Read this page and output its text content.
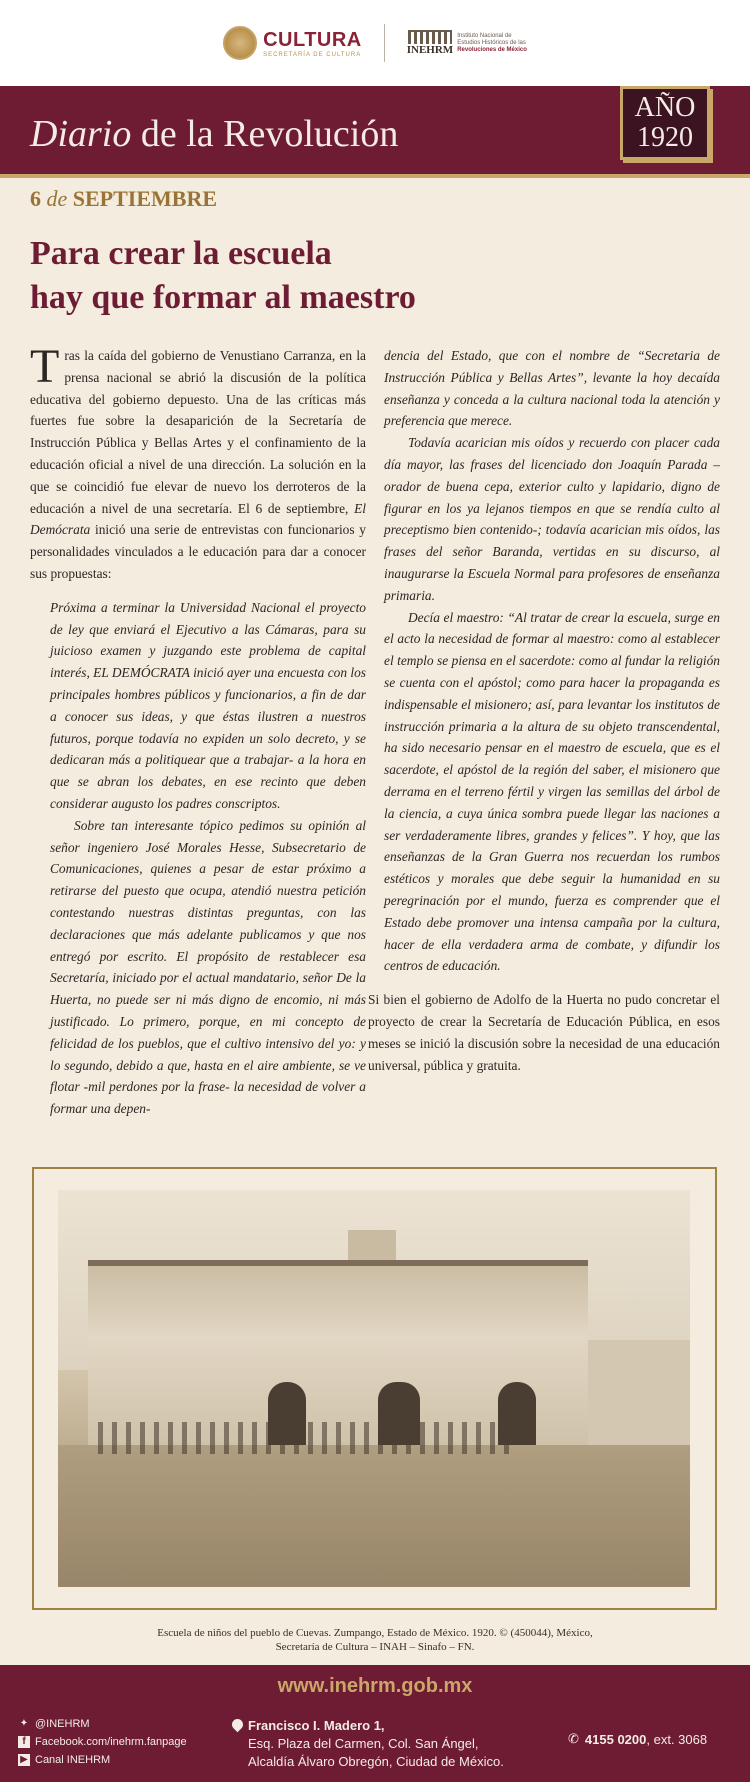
CULTURA
SECRETARÍA DE CULTURA	INEHRM
Instituto Nacional de
Estudios Históricos de las
Revoluciones de México
Diario de la Revolución
AÑO
1920
6 de SEPTIEMBRE
Para crear la escuela
hay que formar al maestro

Tras la caída del gobierno de Venustiano Carranza, en la prensa nacional se abrió la discusión de la política educativa del gobierno depuesto. Una de las críticas más fuertes fue sobre la desaparición de la Secretaría de Instrucción Pública y Bellas Artes y el confinamiento de la educación oficial a nivel de una dirección. La solución en la que se coincidió fue elevar de nuevo los derroteros de la educación a nivel de una secretaría. El 6 de septiembre, El Demócrata inició una serie de entrevistas con funcionarios y personalidades vinculados a le educación para dar a conocer sus propuestas:

Próxima a terminar la Universidad Nacional el proyecto de ley que enviará el Ejecutivo a las Cámaras, para su juicioso examen y juzgando este problema de capital interés, EL DEMÓCRATA inició ayer una encuesta con los principales hombres públicos y funcionarios, a fin de dar a conocer sus ideas, y que éstas ilustren a nuestros futuros, porque todavía no expiden un solo decreto, y se dedicaran más a politiquear que a trabajar- a la hora en que se abran los debates, en ese recinto que deben considerar augusto los padres conscriptos.

Sobre tan interesante tópico pedimos su opinión al señor ingeniero José Morales Hesse, Subsecretario de Comunicaciones, quienes a pesar de estar próximo a retirarse del puesto que ocupa, atendió nuestra petición contestando nuestras distintas preguntas, con las declaraciones que más adelante publicamos y que nos entregó por escrito. El propósito de restablecer esa Secretaría, iniciado por el actual mandatario, señor De la Huerta, no puede ser ni más digno de encomio, ni más justificado. Lo primero, porque, en mi concepto de felicidad de los pueblos, que el cultivo intensivo del yo: y lo segundo, debido a que, hasta en el aire ambiente, se ve flotar -mil perdones por la frase- la necesidad de volver a formar una depen-

dencia del Estado, que con el nombre de “Secretaria de Instrucción Pública y Bellas Artes”, levante la hoy decaída enseñanza y conceda a la cultura nacional toda la atención y preferencia que merece.

Todavía acarician mis oídos y recuerdo con placer cada día mayor, las frases del licenciado don Joaquín Parada –orador de buena cepa, exterior culto y lapidario, digno de figurar en los ya lejanos tiempos en que se rendía culto al preceptismo bien contenido-; todavía acarician mis oídos, las frases del señor Baranda, vertidas en su discurso, al inaugurarse la Escuela Normal para profesores de enseñanza primaria.

Decía el maestro: “Al tratar de crear la escuela, surge en el acto la necesidad de formar al maestro: como al establecer el templo se piensa en el sacerdote: como al fundar la religión se cuenta con el apóstol; como para hacer la propaganda es indispensable el misionero; así, para levantar los institutos de instrucción primaria a la altura de su objeto transcendental, ha sido necesario pensar en el maestro de escuela, que es el sacerdote, el apóstol de la región del saber, el misionero que derrama en el terreno fértil y virgen las semillas del árbol de la ciencia, a cuya única sombra puede llegar las naciones a ser verdaderamente libres, grandes y felices”. Y hoy, que las enseñanzas de la Gran Guerra nos recuerdan los rumbos estéticos y morales que debe seguir la humanidad en su peregrinación por el mundo, fuerza es comprender que el Estado debe promover una intensa campaña por la cultura, hacer de ella verdadera arma de combate, y difundir los centros de educación.

Si bien el gobierno de Adolfo de la Huerta no pudo concretar el proyecto de crear la Secretaría de Educación Pública, en esos meses se inició la discusión sobre la necesidad de una educación universal, pública y gratuita.

Escuela de niños del pueblo de Cuevas. Zumpango, Estado de México. 1920. © (450044), México,
Secretaría de Cultura – INAH – Sinafo – FN.
www.inehrm.gob.mx
✦ @INEHRM
f Facebook.com/inehrm.fanpage
▶ Canal INEHRM
Francisco I. Madero 1,
Esq. Plaza del Carmen, Col. San Ángel,
Alcaldía Álvaro Obregón, Ciudad de México.
✆ 4155 0200, ext. 3068
